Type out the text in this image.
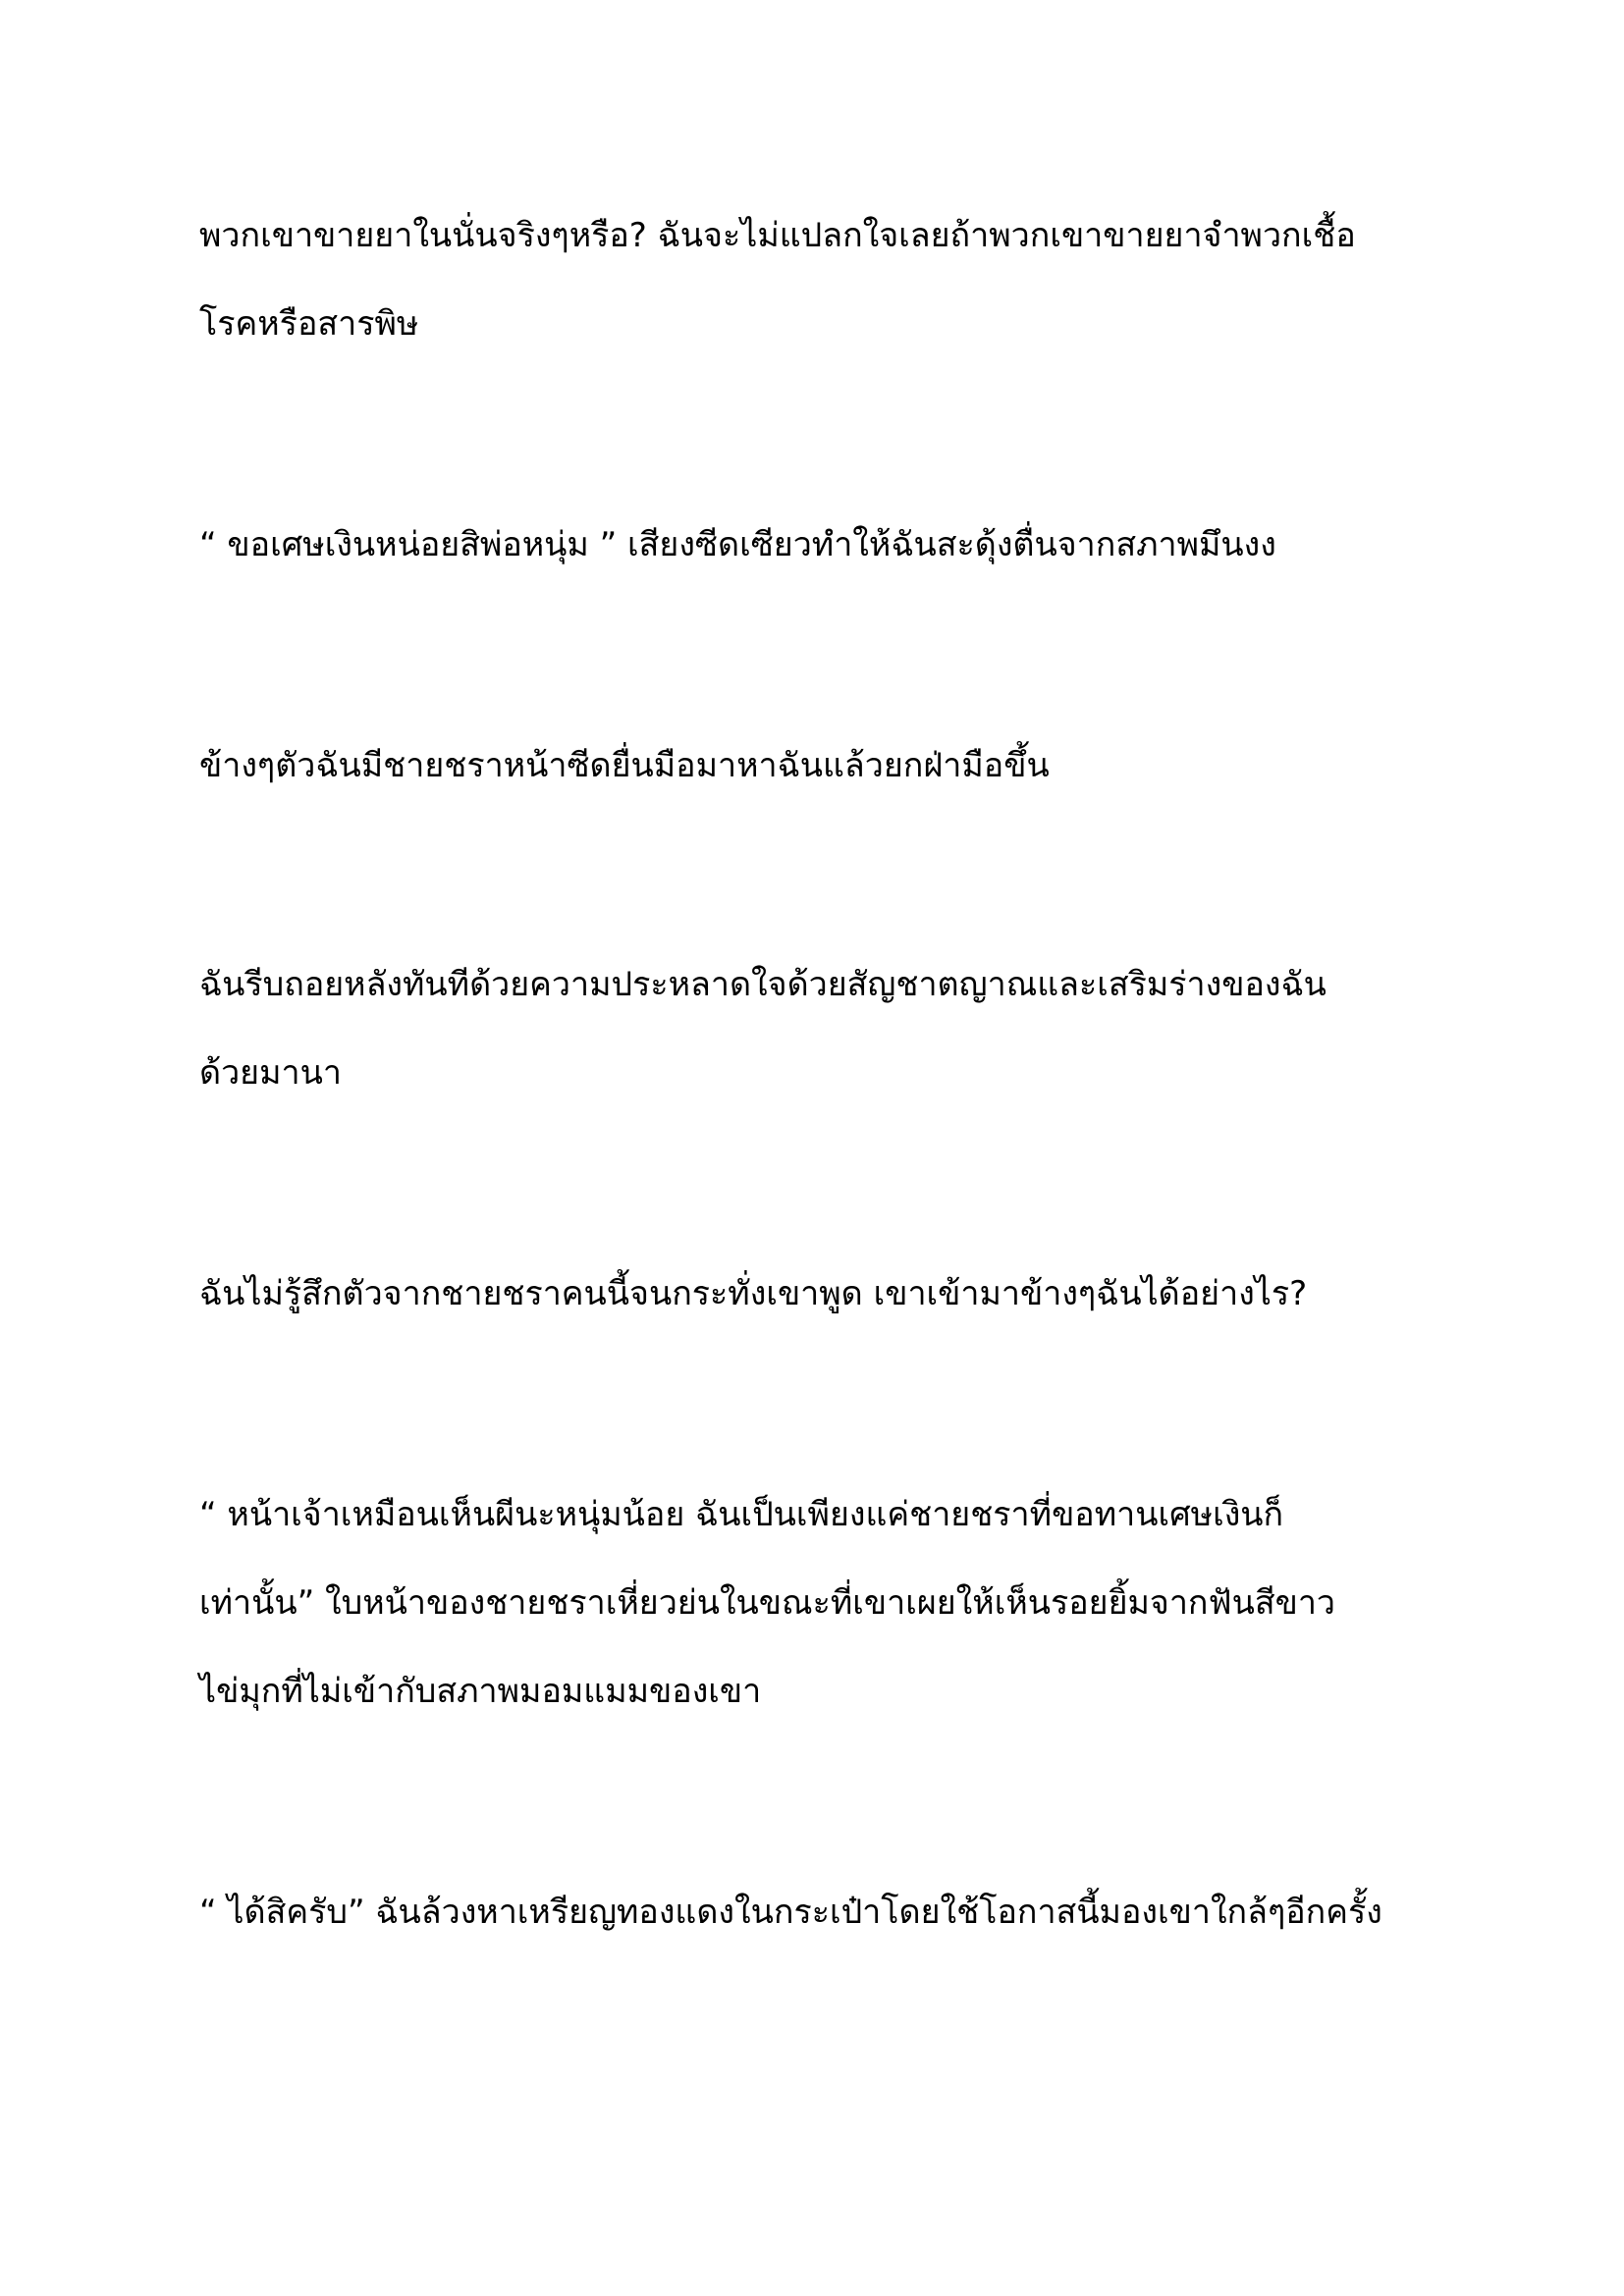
พวกเขาขายยาในนั่นจริงๆหรือ? ฉันจะไม่แปลกใจเลยถ้าพวกเขาขายยาจำพวกเชื้อ
โรคหรือสารพิษ
“ ขอเศษเงินหน่อยสิพ่อหนุ่ม ” เสียงซีดเซียวทำให้ฉันสะดุ้งตื่นจากสภาพมึนงง
ข้างๆตัวฉันมีชายชราหน้าซีดยื่นมือมาหาฉันแล้วยกฝ่ามือขึ้น
ฉันรีบถอยหลังทันทีด้วยความประหลาดใจด้วยสัญชาตญาณและเสริมร่างของฉัน
ด้วยมานา
ฉันไม่รู้สึกตัวจากชายชราคนนี้จนกระทั่งเขาพูด เขาเข้ามาข้างๆฉันได้อย่างไร?
“ หน้าเจ้าเหมือนเห็นผีนะหนุ่มน้อย ฉันเป็นเพียงแค่ชายชราที่ขอทานเศษเงินก็
เท่านั้น” ใบหน้าของชายชราเหี่ยวย่นในขณะที่เขาเผยให้เห็นรอยยิ้มจากฟันสีขาว
ไข่มุกที่ไม่เข้ากับสภาพมอมแมมของเขา
“ ได้สิครับ” ฉันล้วงหาเหรียญทองแดงในกระเป๋าโดยใช้โอกาสนี้มองเขาใกล้ๆอีกครั้ง
